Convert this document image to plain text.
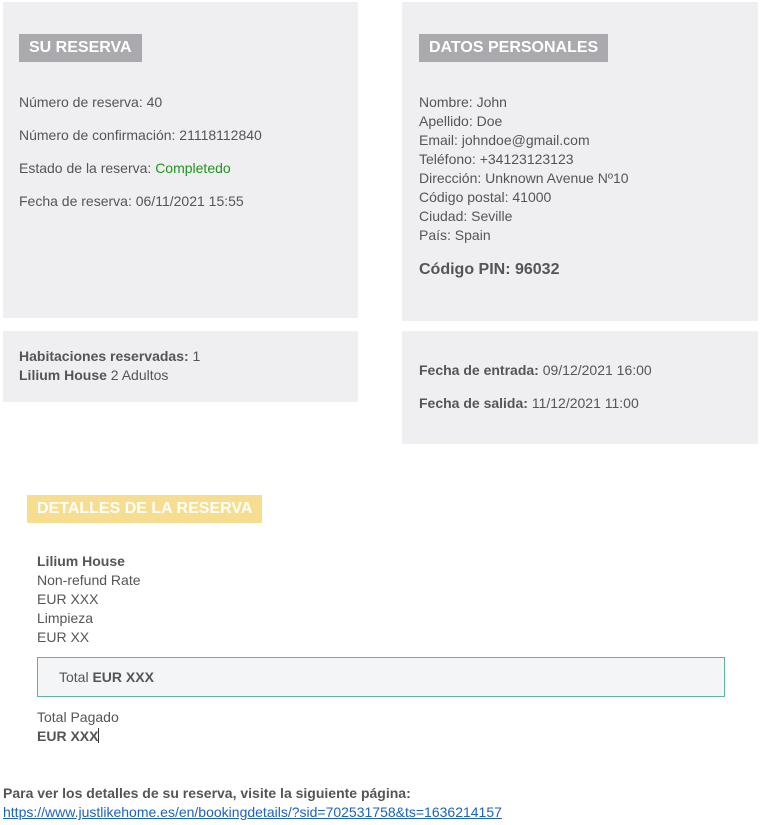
SU RESERVA
Número de reserva: 40
Número de confirmación: 21118112840
Estado de la reserva: Completedo
Fecha de reserva: 06/11/2021 15:55
DATOS PERSONALES
Nombre: John
Apellido: Doe
Email: johndoe@gmail.com
Teléfono: +34123123123
Dirección: Unknown Avenue Nº10
Código postal: 41000
Ciudad: Seville
País: Spain
Código PIN: 96032
Habitaciones reservadas: 1
Lilium House 2 Adultos	Fecha de entrada: 09/12/2021 16:00
Fecha de salida: 11/12/2021 11:00
DETALLES DE LA RESERVA
Lilium House
Non-refund Rate
EUR XXX
Limpieza
EUR XX
Total EUR XXX
Total Pagado
EUR XXX
Para ver los detalles de su reserva, visite la siguiente página:
https://www.justlikehome.es/en/bookingdetails/?sid=702531758&ts=1636214157
